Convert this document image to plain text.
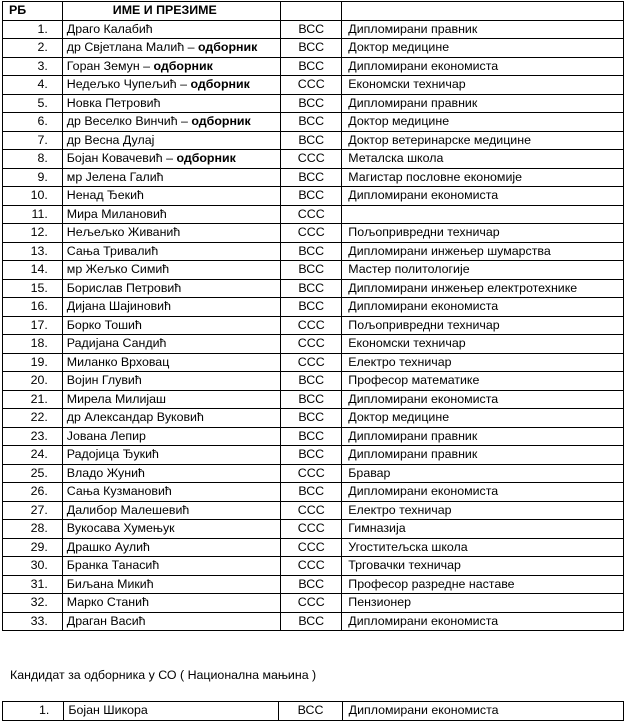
РБ	ИМЕ И ПРЕЗИМЕ		
1.	Драго Калабић	ВСС	Дипломирани правник
2.	др Свјетлана Малић – одборник	ВСС	Доктор медицине
3.	Горан Земун – одборник	ВСС	Дипломирани економиста
4.	Недељко Чупељић – одборник	ССС	Економски техничар
5.	Новка Петровић	ВСС	Дипломирани правник
6.	др Веселко Винчић – одборник	ВСС	Доктор медицине
7.	др Весна Дулај	ВСС	Доктор ветеринарске медицине
8.	Бојан Ковачевић – одборник	ССС	Металска школа
9.	мр Јелена Галић	ВСС	Магистар пословне економије
10.	Ненад Ђекић	ВСС	Дипломирани економиста
11.	Мира Милановић	ССС	
12.	Нељељко Живанић	ССС	Пољопривредни техничар
13.	Сања Тривалић	ВСС	Дипломирани инжењер шумарства
14.	мр Жељко Симић	ВСС	Мастер политологије
15.	Борислав Петровић	ВСС	Дипломирани инжењер електротехнике
16.	Дијана Шајиновић	ВСС	Дипломирани економиста
17.	Борко Тошић	ССС	Пољопривредни техничар
18.	Радијана Сандић	ССС	Економски техничар
19.	Миланко Врховац	ССС	Електро техничар
20.	Војин Глувић	ВСС	Професор математике
21.	Мирела Милијаш	ВСС	Дипломирани економиста
22.	др Александар Вуковић	ВСС	Доктор медицине
23.	Јована Лепир	ВСС	Дипломирани правник
24.	Радојица Ђукић	ВСС	Дипломирани правник
25.	Владо Жунић	ССС	Бравар
26.	Сања Кузмановић	ВСС	Дипломирани економиста
27.	Далибор Малешевић	ССС	Електро техничар
28.	Вукосава Хумењук	ССС	Гимназија
29.	Драшко Аулић	ССС	Угоститељска школа
30.	Бранка Танасић	ССС	Трговачки техничар
31.	Биљана Микић	ВСС	Професор разредне наставе
32.	Марко Станић	ССС	Пензионер
33.	Драган Васић	ВСС	Дипломирани економиста
Кандидат за одборника у СО ( Национална мањина )
1.	Бојан Шикора	ВСС	Дипломирани економиста
